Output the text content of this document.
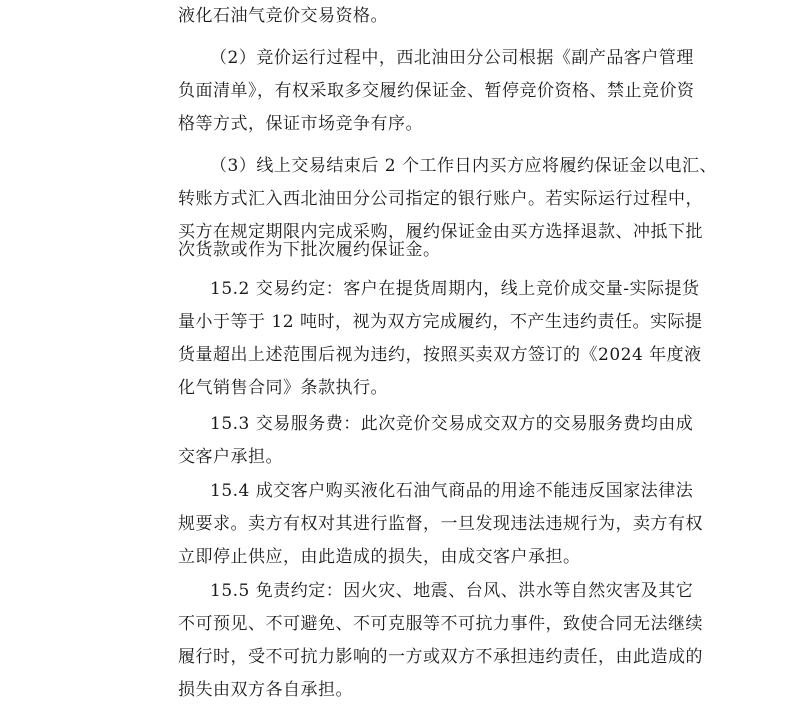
液化石油气竞价交易资格。
（2）竞价运行过程中，西北油田分公司根据《副产品客户管理
负面清单》，有权采取多交履约保证金、暂停竞价资格、禁止竞价资
格等方式，保证市场竞争有序。
（3）线上交易结束后 2 个工作日内买方应将履约保证金以电汇、
转账方式汇入西北油田分公司指定的银行账户。若实际运行过程中，
买方在规定期限内完成采购，履约保证金由买方选择退款、冲抵下批
次货款或作为下批次履约保证金。
15.2 交易约定：客户在提货周期内，线上竞价成交量-实际提货
量小于等于 12 吨时，视为双方完成履约，不产生违约责任。实际提
货量超出上述范围后视为违约，按照买卖双方签订的《2024 年度液
化气销售合同》条款执行。
15.3 交易服务费：此次竞价交易成交双方的交易服务费均由成
交客户承担。
15.4 成交客户购买液化石油气商品的用途不能违反国家法律法
规要求。卖方有权对其进行监督，一旦发现违法违规行为，卖方有权
立即停止供应，由此造成的损失，由成交客户承担。
15.5 免责约定：因火灾、地震、台风、洪水等自然灾害及其它
不可预见、不可避免、不可克服等不可抗力事件，致使合同无法继续
履行时，受不可抗力影响的一方或双方不承担违约责任，由此造成的
损失由双方各自承担。
